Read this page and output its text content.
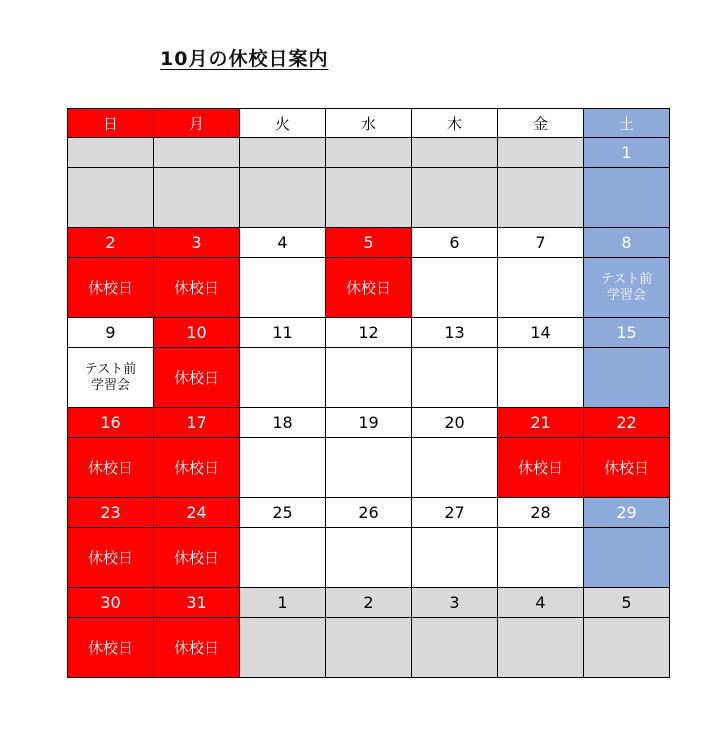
10月の休校日案内
日	月	火	水	木	金	土
						1

2	3	4	5	6	7	8
休校日	休校日		休校日			テスト前
学習会

9	10	11	12	13	14	15

テスト前
学習会	休校日					
16	17	18	19	20	21	22
休校日	休校日				休校日	休校日
23	24	25	26	27	28	29
休校日	休校日					
30	31	1	2	3	4	5
休校日	休校日					
